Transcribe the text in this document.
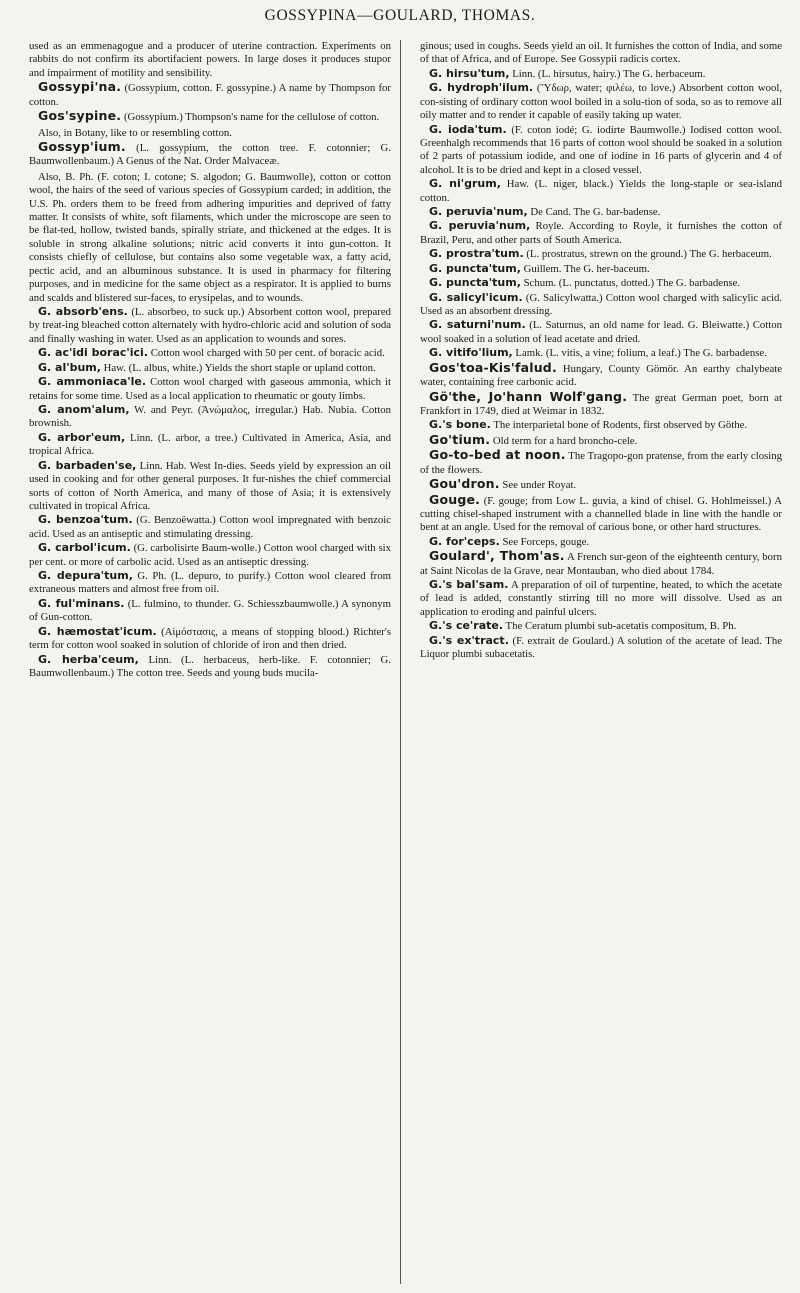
GOSSYPINA—GOULARD, THOMAS.

used as an emmenagogue and a producer of uterine contraction. Experiments on rabbits do not confirm its abortifacient powers. In large doses it produces stupor and impairment of motility and sensibility.

Gossypi'na. (Gossypium, cotton. F. gossypine.) A name by Thompson for cotton.

Gos'sypine. (Gossypium.) Thompson's name for the cellulose of cotton.

Also, in Botany, like to or resembling cotton.

Gossyp'ium. (L. gossypium, the cotton tree. F. cotonnier; G. Baumwollenbaum.) A Genus of the Nat. Order Malvaceæ.

Also, B. Ph. (F. coton; I. cotone; S. algodon; G. Baumwolle), cotton or cotton wool, the hairs of the seed of various species of Gossypium carded; in addition, the U.S. Ph. orders them to be freed from adhering impurities and deprived of fatty matter. It consists of white, soft filaments, which under the microscope are seen to be flat-ted, hollow, twisted bands, spirally striate, and thickened at the edges. It is soluble in strong alkaline solutions; nitric acid converts it into gun-cotton. It consists chiefly of cellulose, but contains also some vegetable wax, a fatty acid, pectic acid, and an albuminous substance. It is used in pharmacy for filtering purposes, and in medicine for the same object as a respirator. It is applied to burns and scalds and blistered sur-faces, to erysipelas, and to wounds.

G. absorb'ens. (L. absorbeo, to suck up.) Absorbent cotton wool, prepared by treat-ing bleached cotton alternately with hydro-chloric acid and solution of soda and finally washing in water. Used as an application to wounds and sores.

G. ac'idi borac'ici. Cotton wool charged with 50 per cent. of boracic acid.

G. al'bum, Haw. (L. albus, white.) Yields the short staple or upland cotton.

G. ammoniaca'le. Cotton wool charged with gaseous ammonia, which it retains for some time. Used as a local application to rheumatic or gouty limbs.

G. anom'alum, W. and Peyr. (Ἀνώμαλος, irregular.) Hab. Nubia. Cotton brownish.

G. arbor'eum, Linn. (L. arbor, a tree.) Cultivated in America, Asia, and tropical Africa.

G. barbaden'se, Linn. Hab. West In-dies. Seeds yield by expression an oil used in cooking and for other general purposes. It fur-nishes the chief commercial sorts of cotton of North America, and many of those of Asia; it is extensively cultivated in tropical Africa.

G. benzoa'tum. (G. Benzoëwatta.) Cotton wool impregnated with benzoic acid. Used as an antiseptic and stimulating dressing.

G. carbol'icum. (G. carbolisirte Baum-wolle.) Cotton wool charged with six per cent. or more of carbolic acid. Used as an antiseptic dressing.

G. depura'tum, G. Ph. (L. depuro, to purify.) Cotton wool cleared from extraneous matters and almost free from oil.

G. ful'minans. (L. fulmino, to thunder. G. Schiesszbaumwolle.) A synonym of Gun-cotton.

G. hæmostat'icum. (Αἱμόστασις, a means of stopping blood.) Richter's term for cotton wool soaked in solution of chloride of iron and then dried.

G. herba'ceum, Linn. (L. herbaceus, herb-like. F. cotonnier; G. Baumwollenbaum.) The cotton tree. Seeds and young buds mucila-

ginous; used in coughs. Seeds yield an oil. It furnishes the cotton of India, and some of that of Africa, and of Europe. See Gossypii radicis cortex.

G. hirsu'tum, Linn. (L. hirsutus, hairy.) The G. herbaceum.

G. hydroph'ilum. (Ὕδωρ, water; φιλέω, to love.) Absorbent cotton wool, con-sisting of ordinary cotton wool boiled in a solu-tion of soda, so as to remove all oily matter and to render it capable of easily taking up water.

G. ioda'tum. (F. coton iodé; G. iodirte Baumwolle.) Iodised cotton wool. Greenhalgh recommends that 16 parts of cotton wool should be soaked in a solution of 2 parts of potassium iodide, and one of iodine in 16 parts of glycerin and 4 of alcohol. It is to be dried and kept in a closed vessel.

G. ni'grum, Haw. (L. niger, black.) Yields the long-staple or sea-island cotton.

G. peruvia'num, De Cand. The G. bar-badense.

G. peruvia'num, Royle. According to Royle, it furnishes the cotton of Brazil, Peru, and other parts of South America.

G. prostra'tum. (L. prostratus, strewn on the ground.) The G. herbaceum.

G. puncta'tum, Guillem. The G. her-baceum.

G. puncta'tum, Schum. (L. punctatus, dotted.) The G. barbadense.

G. salicyl'icum. (G. Salicylwatta.) Cotton wool charged with salicylic acid. Used as an absorbent dressing.

G. saturni'num. (L. Saturnus, an old name for lead. G. Bleiwatte.) Cotton wool soaked in a solution of lead acetate and dried.

G. vitifo'lium, Lamk. (L. vitis, a vine; folium, a leaf.) The G. barbadense.

Gos'toa-Kis'falud. Hungary, County Gömör. An earthy chalybeate water, containing free carbonic acid.

Gö'the, Jo'hann Wolf'gang. The great German poet, born at Frankfort in 1749, died at Weimar in 1832.

G.'s bone. The interparietal bone of Rodents, first observed by Göthe.

Go'tium. Old term for a hard broncho-cele.

Go-to-bed at noon. The Tragopo-gon pratense, from the early closing of the flowers.

Gou'dron. See under Royat.

Gouge. (F. gouge; from Low L. guvia, a kind of chisel. G. Hohlmeissel.) A cutting chisel-shaped instrument with a channelled blade in line with the handle or bent at an angle. Used for the removal of carious bone, or other hard structures.

G. for'ceps. See Forceps, gouge.

Goulard', Thom'as. A French sur-geon of the eighteenth century, born at Saint Nicolas de la Grave, near Montauban, who died about 1784.

G.'s bal'sam. A preparation of oil of turpentine, heated, to which the acetate of lead is added, constantly stirring till no more will dissolve. Used as an application to eroding and painful ulcers.

G.'s ce'rate. The Ceratum plumbi sub-acetatis compositum, B. Ph.

G.'s ex'tract. (F. extrait de Goulard.) A solution of the acetate of lead. The Liquor plumbi subacetatis.
